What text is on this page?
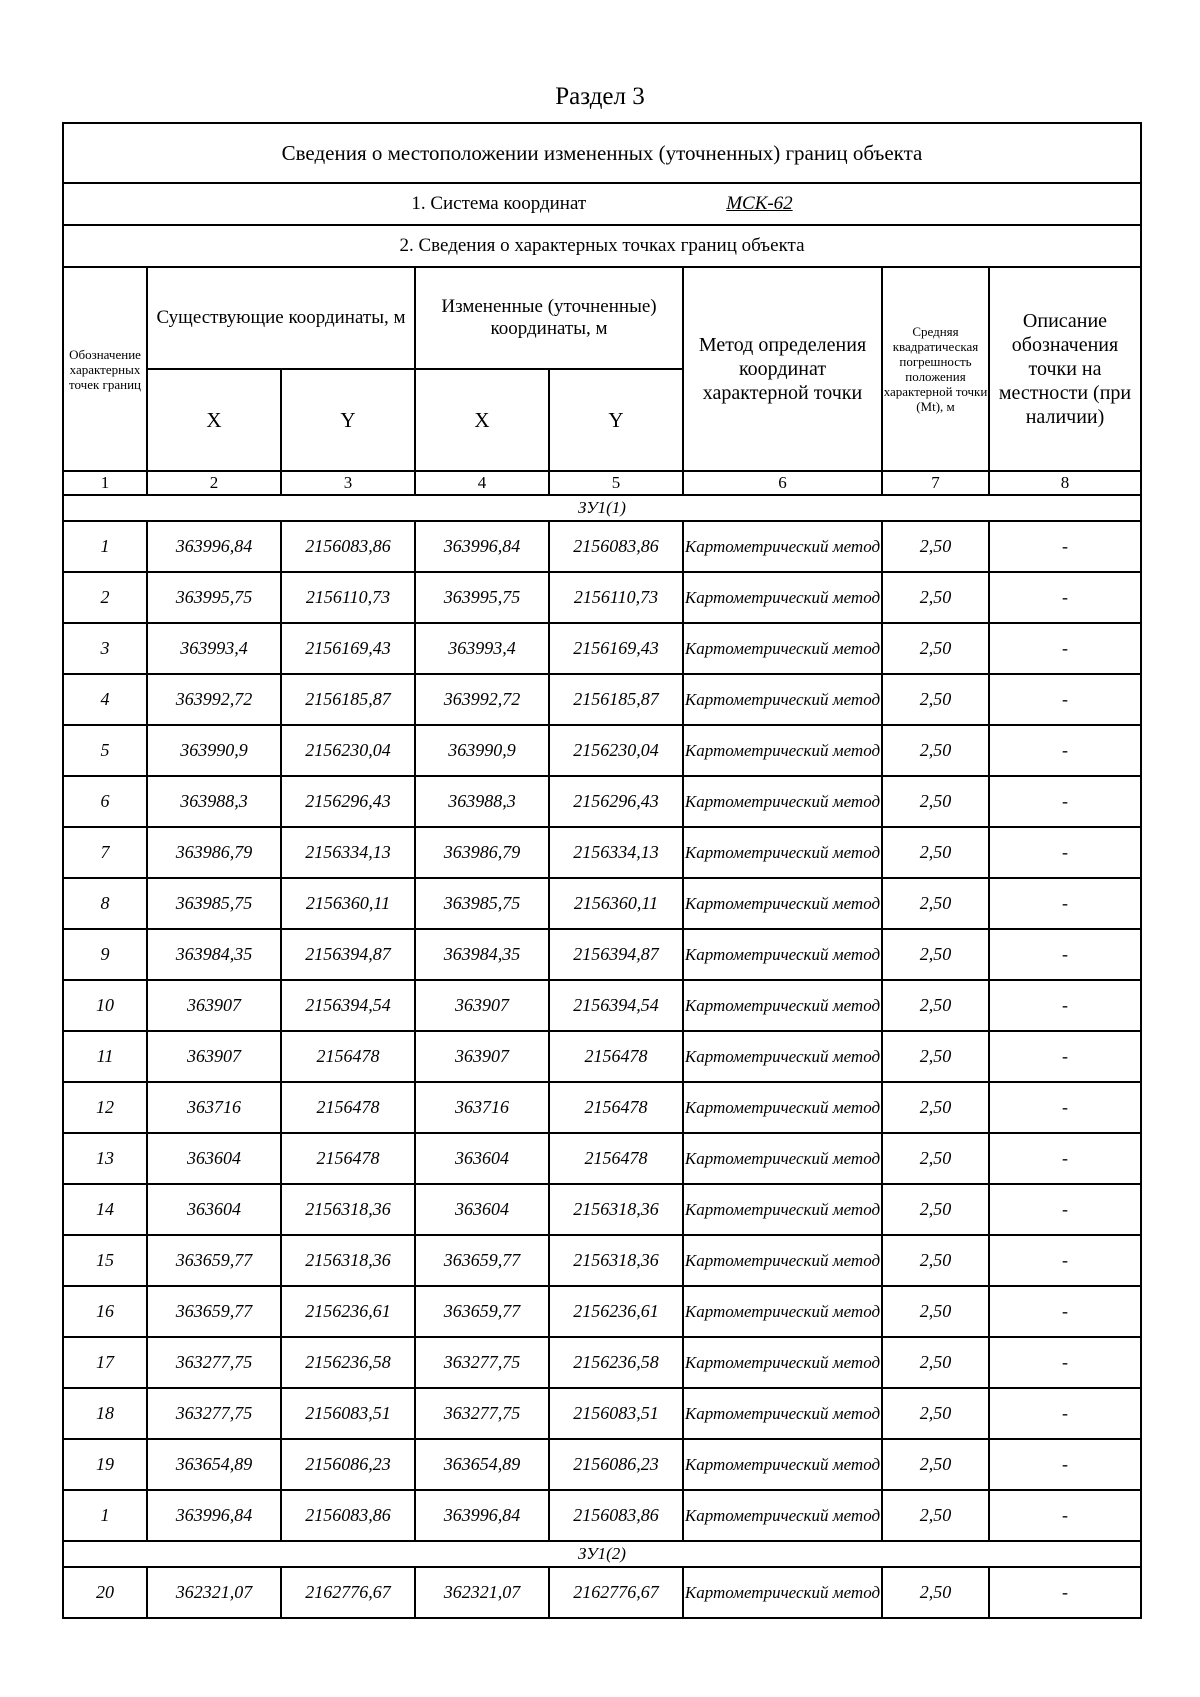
Раздел 3
Сведения о местоположении измененных (уточненных) границ объекта							
1. Система координат МСК-62							
2. Сведения о характерных точках границ объекта							
Обозначение характерных точек границ	Существующие координаты, м		Измененные (уточненные) координаты, м		Метод определения координат характерной точки	Средняя квадратическая погрешность положения характерной точки (Mt), м	Описание обозначения точки на местности (при наличии)
	X	Y	X	Y			
1	2	3	4	5	6	7	8
ЗУ1(1)							
1	363996,84	2156083,86	363996,84	2156083,86	Картометрический метод	2,50	-
2	363995,75	2156110,73	363995,75	2156110,73	Картометрический метод	2,50	-
3	363993,4	2156169,43	363993,4	2156169,43	Картометрический метод	2,50	-
4	363992,72	2156185,87	363992,72	2156185,87	Картометрический метод	2,50	-
5	363990,9	2156230,04	363990,9	2156230,04	Картометрический метод	2,50	-
6	363988,3	2156296,43	363988,3	2156296,43	Картометрический метод	2,50	-
7	363986,79	2156334,13	363986,79	2156334,13	Картометрический метод	2,50	-
8	363985,75	2156360,11	363985,75	2156360,11	Картометрический метод	2,50	-
9	363984,35	2156394,87	363984,35	2156394,87	Картометрический метод	2,50	-
10	363907	2156394,54	363907	2156394,54	Картометрический метод	2,50	-
11	363907	2156478	363907	2156478	Картометрический метод	2,50	-
12	363716	2156478	363716	2156478	Картометрический метод	2,50	-
13	363604	2156478	363604	2156478	Картометрический метод	2,50	-
14	363604	2156318,36	363604	2156318,36	Картометрический метод	2,50	-
15	363659,77	2156318,36	363659,77	2156318,36	Картометрический метод	2,50	-
16	363659,77	2156236,61	363659,77	2156236,61	Картометрический метод	2,50	-
17	363277,75	2156236,58	363277,75	2156236,58	Картометрический метод	2,50	-
18	363277,75	2156083,51	363277,75	2156083,51	Картометрический метод	2,50	-
19	363654,89	2156086,23	363654,89	2156086,23	Картометрический метод	2,50	-
1	363996,84	2156083,86	363996,84	2156083,86	Картометрический метод	2,50	-
ЗУ1(2)							
20	362321,07	2162776,67	362321,07	2162776,67	Картометрический метод	2,50	-
